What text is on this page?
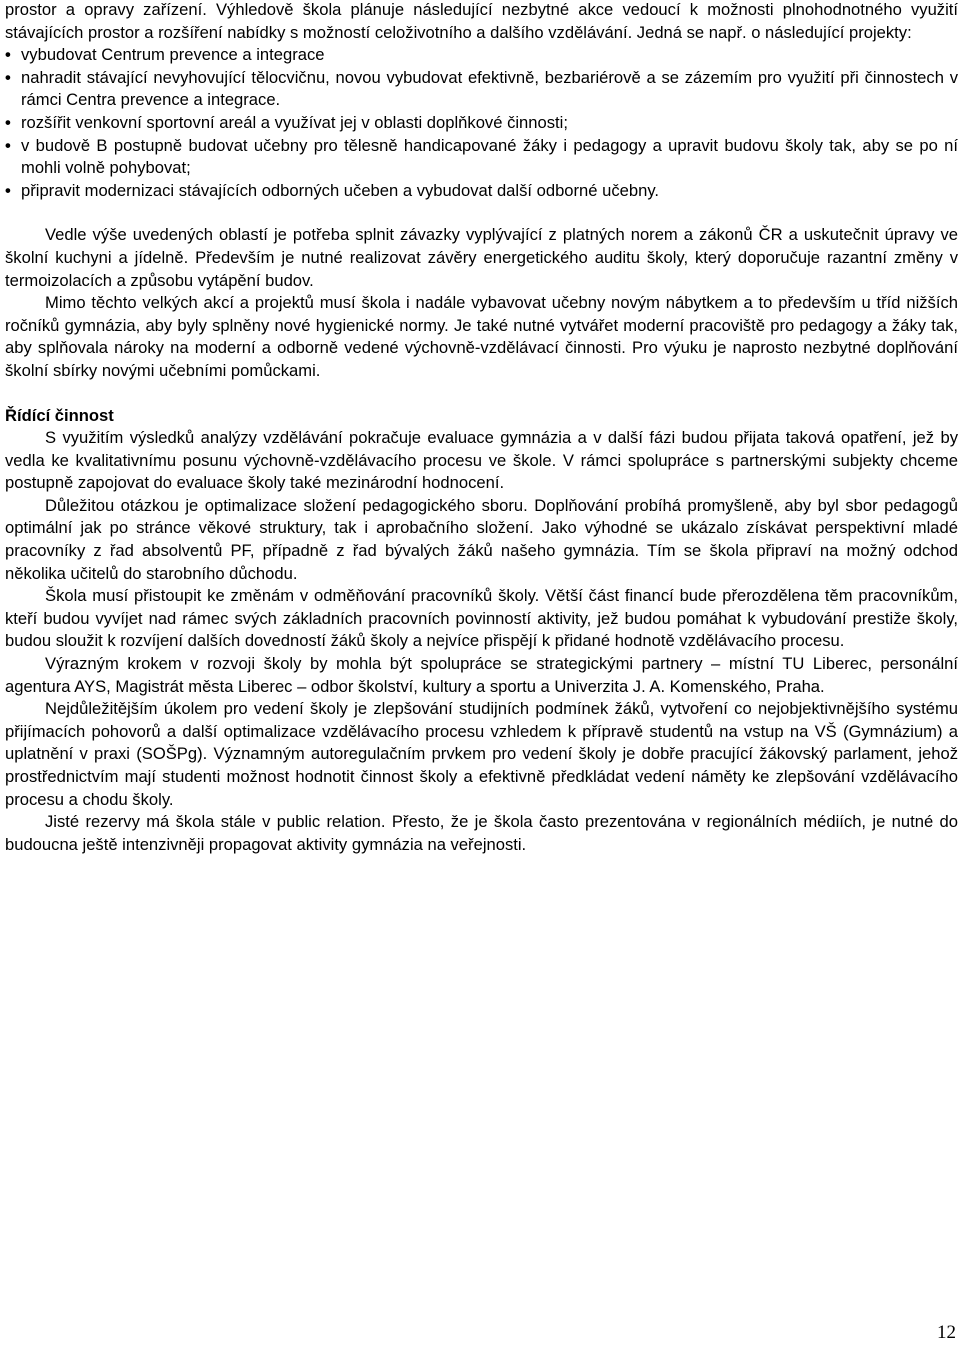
prostor a opravy zařízení. Výhledově škola plánuje následující nezbytné akce vedoucí k možnosti plnohodnotného využití stávajících prostor a rozšíření nabídky s možností celoživotního a dalšího vzdělávání. Jedná se např. o následující projekty:

• vybudovat Centrum prevence a integrace
• nahradit stávající nevyhovující tělocvičnu, novou vybudovat efektivně, bezbariérově a se zázemím pro využití při činnostech v rámci Centra prevence a integrace.
• rozšířit venkovní sportovní areál a využívat jej v oblasti doplňkové činnosti;
• v budově B postupně budovat učebny pro tělesně handicapované žáky i pedagogy a upravit budovu školy tak, aby se po ní mohli volně pohybovat;
• připravit modernizaci stávajících odborných učeben a vybudovat další odborné učebny.

Vedle výše uvedených oblastí je potřeba splnit závazky vyplývající z platných norem a zákonů ČR a uskutečnit úpravy ve školní kuchyni a jídelně. Především je nutné realizovat závěry energetického auditu školy, který doporučuje razantní změny v termoizolacích a způsobu vytápění budov.

Mimo těchto velkých akcí a projektů musí škola i nadále vybavovat učebny novým nábytkem a to především u tříd nižších ročníků gymnázia, aby byly splněny nové hygienické normy. Je také nutné vytvářet moderní pracoviště pro pedagogy a žáky tak, aby splňovala nároky na moderní a odborně vedené výchovně-vzdělávací činnosti. Pro výuku je naprosto nezbytné doplňování školní sbírky novými učebními pomůckami.

Řídící činnost

S využitím výsledků analýzy vzdělávání pokračuje evaluace gymnázia a v další fázi budou přijata taková opatření, jež by vedla ke kvalitativnímu posunu výchovně-vzdělávacího procesu ve škole. V rámci spolupráce s partnerskými subjekty chceme postupně zapojovat do evaluace školy také mezinárodní hodnocení.

Důležitou otázkou je optimalizace složení pedagogického sboru. Doplňování probíhá promyšleně, aby byl sbor pedagogů optimální jak po stránce věkové struktury, tak i aprobačního složení. Jako výhodné se ukázalo získávat perspektivní mladé pracovníky z řad absolventů PF, případně z řad bývalých žáků našeho gymnázia. Tím se škola připraví na možný odchod několika učitelů do starobního důchodu.

Škola musí přistoupit ke změnám v odměňování pracovníků školy. Větší část financí bude přerozdělena těm pracovníkům, kteří budou vyvíjet nad rámec svých základních pracovních povinností aktivity, jež budou pomáhat k vybudování prestiže školy, budou sloužit k rozvíjení dalších dovedností žáků školy a nejvíce přispějí k přidané hodnotě vzdělávacího procesu.

Výrazným krokem v rozvoji školy by mohla být spolupráce se strategickými partnery – místní TU Liberec, personální agentura AYS, Magistrát města Liberec – odbor školství, kultury a sportu a Univerzita J. A. Komenského, Praha.

Nejdůležitějším úkolem pro vedení školy je zlepšování studijních podmínek žáků, vytvoření co nejobjektivnějšího systému přijímacích pohovorů a další optimalizace vzdělávacího procesu vzhledem k přípravě studentů na vstup na VŠ (Gymnázium) a uplatnění v praxi (SOŠPg). Významným autoregulačním prvkem pro vedení školy je dobře pracující žákovský parlament, jehož prostřednictvím mají studenti možnost hodnotit činnost školy a efektivně předkládat vedení náměty ke zlepšování vzdělávacího procesu a chodu školy.

Jisté rezervy má škola stále v public relation. Přesto, že je škola často prezentována v regionálních médiích, je nutné do budoucna ještě intenzivněji propagovat aktivity gymnázia na veřejnosti.

12
